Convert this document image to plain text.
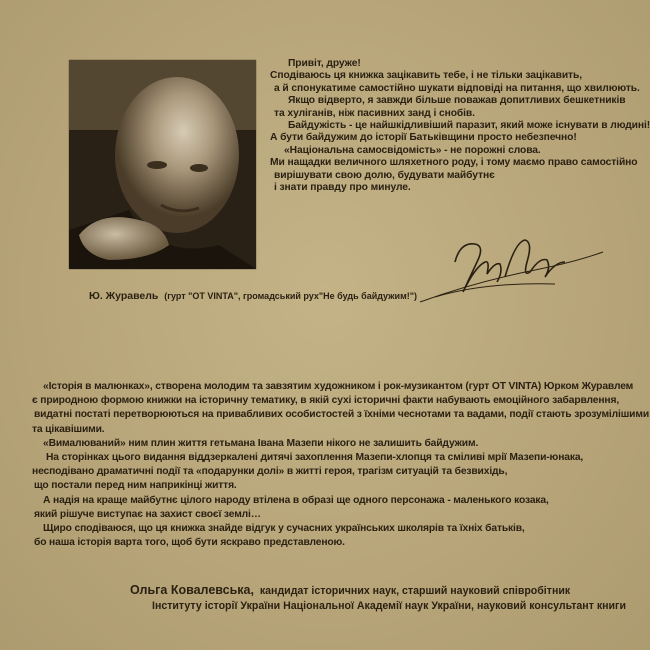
Привіт, друже!

Сподіваюсь ця книжка зацікавить тебе, і не тільки зацікавить,

а й спонукатиме самостійно шукати відповіді на питання, що хвилюють.

Якщо відверто, я завжди більше поважав допитливих бешкетників

та хуліганів, ніж пасивних занд і снобів.

Байдужість - це найшкідливіший паразит, який може існувати в людині!

А бути байдужим до історії Батьківщини просто небезпечно!

«Національна самосвідомість» - не порожні слова.

Ми нащадки величного шляхетного роду, і тому маємо право самостійно

вирішувати свою долю, будувати майбутнє

і знати правду про минуле.

Ю. Журавель (гурт "OT VINTA", громадський рух"Не будь байдужим!")

«Історія в малюнках», створена молодим та завзятим художником і рок-музикантом (гурт OT VINTA) Юрком Журавлем

є природною формою книжки на історичну тематику, в якій сухі історичні факти набувають емоційного забарвлення,

видатні постаті перетворюються на привабливих особистостей з їхніми чеснотами та вадами, події стають зрозумілішими

та цікавішими.

«Вималюваний» ним плин життя гетьмана Івана Мазепи нікого не залишить байдужим.

На сторінках цього видання віддзеркалені дитячі захоплення Мазепи-хлопця та сміливі мрії Мазепи-юнака,

несподівано драматичні події та «подарунки долі» в житті героя, трагізм ситуацій та безвихідь,

що постали перед ним наприкінці життя.

А надія на краще майбутнє цілого народу втілена в образі ще одного персонажа - маленького козака,

який рішуче виступає на захист своєї землі…

Щиро сподіваюся, що ця книжка знайде відгук у сучасних українських школярів та їхніх батьків,

бо наша історія варта того, щоб бути яскраво представленою.

Ольга Ковалевська, кандидат історичних наук, старший науковий співробітник
Інституту історії України Національної Академії наук України, науковий консультант книги
